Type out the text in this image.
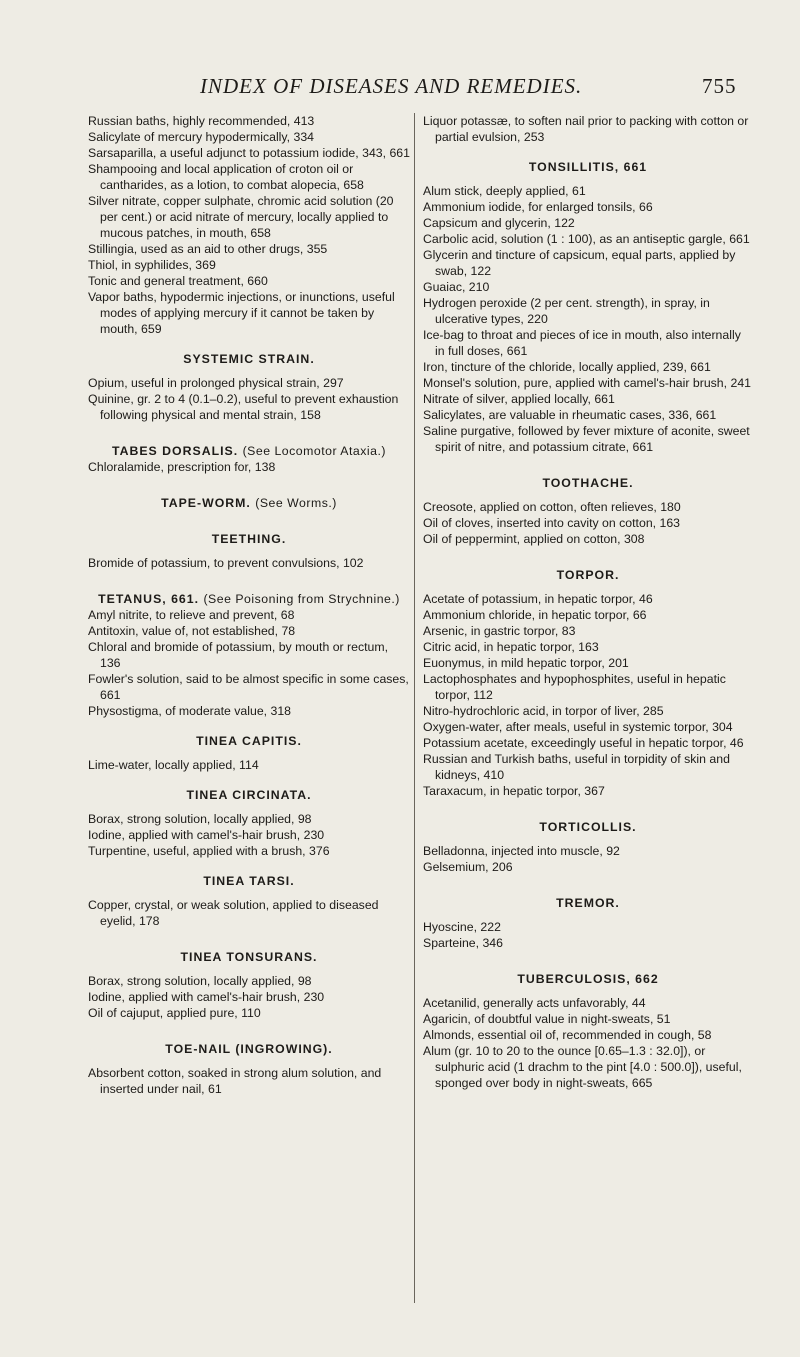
INDEX OF DISEASES AND REMEDIES.	755

Russian baths, highly recommended, 413

Salicylate of mercury hypodermically, 334

Sarsaparilla, a useful adjunct to potassium iodide, 343, 661

Shampooing and local application of croton oil or cantharides, as a lotion, to combat alopecia, 658

Silver nitrate, copper sulphate, chromic acid solution (20 per cent.) or acid nitrate of mercury, locally applied to mucous patches, in mouth, 658

Stillingia, used as an aid to other drugs, 355

Thiol, in syphilides, 369

Tonic and general treatment, 660

Vapor baths, hypodermic injections, or inunctions, useful modes of applying mercury if it cannot be taken by mouth, 659

SYSTEMIC STRAIN.

Opium, useful in prolonged physical strain, 297

Quinine, gr. 2 to 4 (0.1–0.2), useful to prevent exhaustion following physical and mental strain, 158

TABES DORSALIS. (See Locomotor Ataxia.)

Chloralamide, prescription for, 138

TAPE-WORM. (See Worms.)

TEETHING.

Bromide of potassium, to prevent convulsions, 102

TETANUS, 661. (See Poisoning from Strychnine.)

Amyl nitrite, to relieve and prevent, 68

Antitoxin, value of, not established, 78

Chloral and bromide of potassium, by mouth or rectum, 136

Fowler's solution, said to be almost specific in some cases, 661

Physostigma, of moderate value, 318

TINEA CAPITIS.

Lime-water, locally applied, 114

TINEA CIRCINATA.

Borax, strong solution, locally applied, 98

Iodine, applied with camel's-hair brush, 230

Turpentine, useful, applied with a brush, 376

TINEA TARSI.

Copper, crystal, or weak solution, applied to diseased eyelid, 178

TINEA TONSURANS.

Borax, strong solution, locally applied, 98

Iodine, applied with camel's-hair brush, 230

Oil of cajuput, applied pure, 110

TOE-NAIL (INGROWING).

Absorbent cotton, soaked in strong alum solution, and inserted under nail, 61

Liquor potassæ, to soften nail prior to packing with cotton or partial evulsion, 253

TONSILLITIS, 661

Alum stick, deeply applied, 61

Ammonium iodide, for enlarged tonsils, 66

Capsicum and glycerin, 122

Carbolic acid, solution (1 : 100), as an antiseptic gargle, 661

Glycerin and tincture of capsicum, equal parts, applied by swab, 122

Guaiac, 210

Hydrogen peroxide (2 per cent. strength), in spray, in ulcerative types, 220

Ice-bag to throat and pieces of ice in mouth, also internally in full doses, 661

Iron, tincture of the chloride, locally applied, 239, 661

Monsel's solution, pure, applied with camel's-hair brush, 241

Nitrate of silver, applied locally, 661

Salicylates, are valuable in rheumatic cases, 336, 661

Saline purgative, followed by fever mixture of aconite, sweet spirit of nitre, and potassium citrate, 661

TOOTHACHE.

Creosote, applied on cotton, often relieves, 180

Oil of cloves, inserted into cavity on cotton, 163

Oil of peppermint, applied on cotton, 308

TORPOR.

Acetate of potassium, in hepatic torpor, 46

Ammonium chloride, in hepatic torpor, 66

Arsenic, in gastric torpor, 83

Citric acid, in hepatic torpor, 163

Euonymus, in mild hepatic torpor, 201

Lactophosphates and hypophosphites, useful in hepatic torpor, 112

Nitro-hydrochloric acid, in torpor of liver, 285

Oxygen-water, after meals, useful in systemic torpor, 304

Potassium acetate, exceedingly useful in hepatic torpor, 46

Russian and Turkish baths, useful in torpidity of skin and kidneys, 410

Taraxacum, in hepatic torpor, 367

TORTICOLLIS.

Belladonna, injected into muscle, 92

Gelsemium, 206

TREMOR.

Hyoscine, 222

Sparteine, 346

TUBERCULOSIS, 662

Acetanilid, generally acts unfavorably, 44

Agaricin, of doubtful value in night-sweats, 51

Almonds, essential oil of, recommended in cough, 58

Alum (gr. 10 to 20 to the ounce [0.65–1.3 : 32.0]), or sulphuric acid (1 drachm to the pint [4.0 : 500.0]), useful, sponged over body in night-sweats, 665
